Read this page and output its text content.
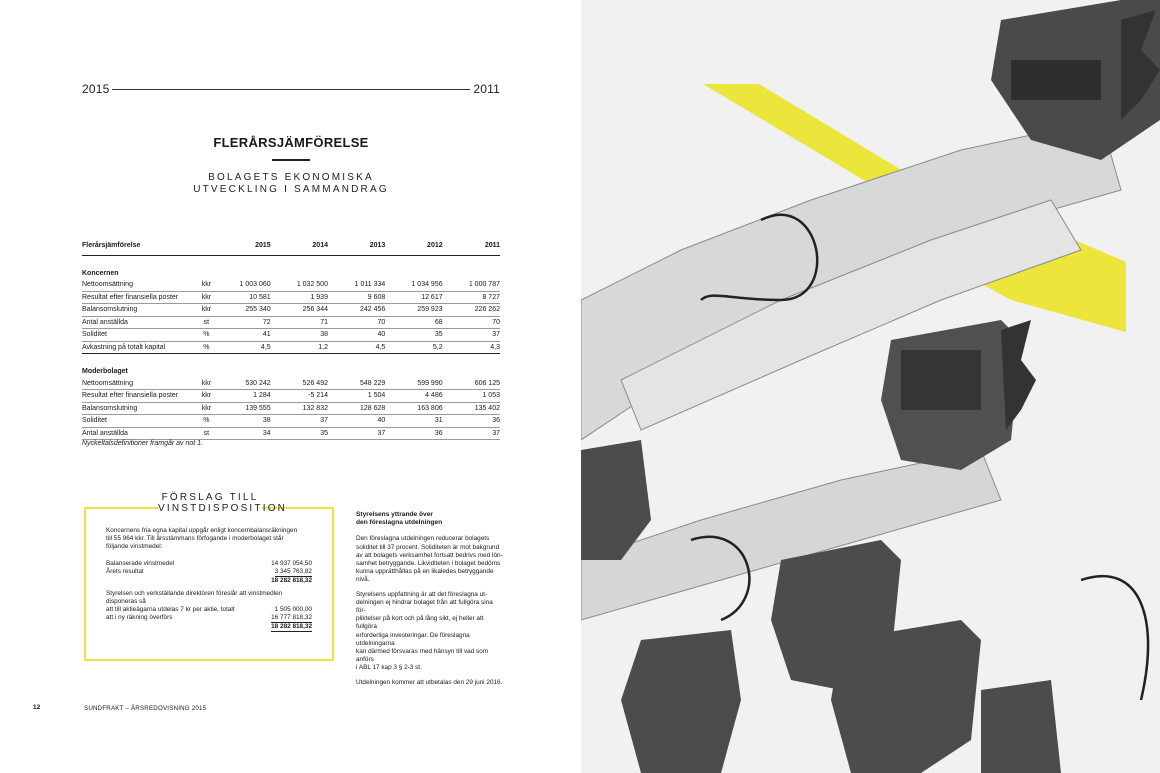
2015	2011
FLERÅRSJÄMFÖRELSE
BOLAGETS EKONOMISKA
UTVECKLING I SAMMANDRAG
Flerårsjämförelse		2015	2014	2013	2012	2011
Koncernen						
Nettoomsättning	kkr	1 003 060	1 032 500	1 011 334	1 034 956	1 000 787
Resultat efter finansiella poster	kkr	10 581	1 939	9 608	12 617	8 727
Balansomslutning	kkr	255 340	256 344	242 456	259 923	226 262
Antal anställda	st	72	71	70	68	70
Soliditet	%	41	38	40	35	37
Avkastning på totalt kapital	%	4,5	1,2	4,5	5,2	4,3
Moderbolaget						
Nettoomsättning	kkr	530 242	526 492	548 229	599 990	606 125
Resultat efter finansiella poster	kkr	1 284	-5 214	1 504	4 486	1 053
Balansomslutning	kkr	139 555	132 832	128 628	163 806	135 402
Soliditet	%	38	37	40	31	36
Antal anställda	st	34	35	37	36	37
Nyckeltalsdefinitioner framgår av not 1.
FÖRSLAG TILL
VINSTDISPOSITION

Koncernens fria egna kapital uppgår enligt koncernbalansräkningen

till 55 964 kkr. Till årsstämmans förfogande i moderbolaget står

följande vinstmedel:

Balanserade vinstmedel	14 937 054,50
Årets resultat	3 345 763,82
18 282 818,32
Styrelsen och verkställande direktören föreslår att vinstmedlen disponeras så
att till aktieägarna utdelas 7 kr per aktie, totalt	1 505 000,00
att i ny räkning överförs	16 777 818,32
18 282 818,32
Styrelsens yttrande över
den föreslagna utdelningen

Den föreslagna utdelningen reducerar bolagets
soliditet till 37 procent. Soliditeten är mot bakgrund
av att bolagets verksamhet fortsatt bedrivs med lön-
samhet betryggande. Likviditeten i bolaget bedöms
kunna upprätthållas på en likaledes betryggande nivå.

Styrelsens uppfattning är att det föreslagna ut-
delningen ej hindrar bolaget från att fullgöra sina för-
pliktelser på kort och på lång sikt, ej heller att fullgöra
erforderliga investeringar. De föreslagna utdelningarna
kan därmed försvaras med hänsyn till vad som anförs
i ABL 17 kap 3 § 2-3 st.

Utdelningen kommer att utbetalas den 29 juni 2016.

12	SUNDFRAKT – ÅRSREDOVISNING 2015
